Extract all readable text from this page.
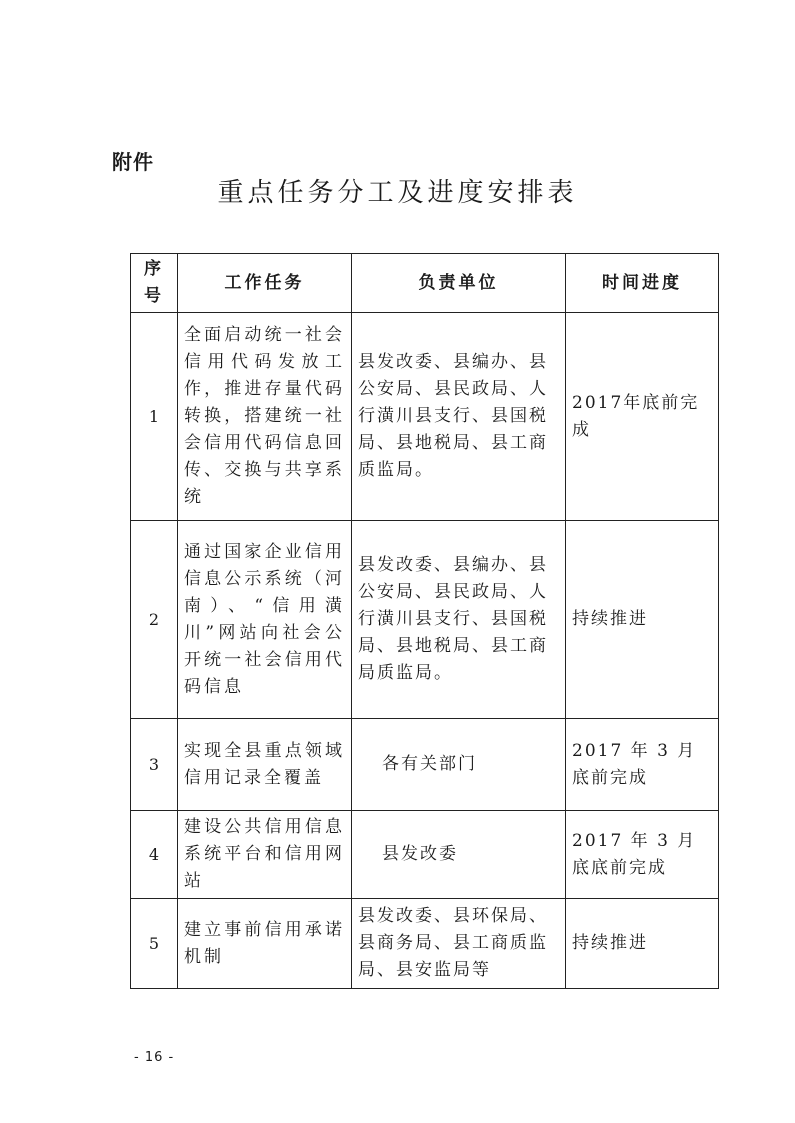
附件
重点任务分工及进度安排表
序号	工作任务	负责单位	时间进度
1	全面启动统一社会信用代码发放工作，推进存量代码转换，搭建统一社会信用代码信息回传、交换与共享系统	县发改委、县编办、县公安局、县民政局、人行潢川县支行、县国税局、县地税局、县工商质监局。	2017年底前完成
2	通过国家企业信用信息公示系统（河南）、“信用潢川”网站向社会公开统一社会信用代码信息	县发改委、县编办、县公安局、县民政局、人行潢川县支行、县国税局、县地税局、县工商局质监局。	持续推进
3	实现全县重点领域信用记录全覆盖	各有关部门	2017 年 3 月底前完成
4	建设公共信用信息系统平台和信用网站	县发改委	2017 年 3 月底底前完成
5	建立事前信用承诺机制	县发改委、县环保局、县商务局、县工商质监局、县安监局等	持续推进
- 16 -
